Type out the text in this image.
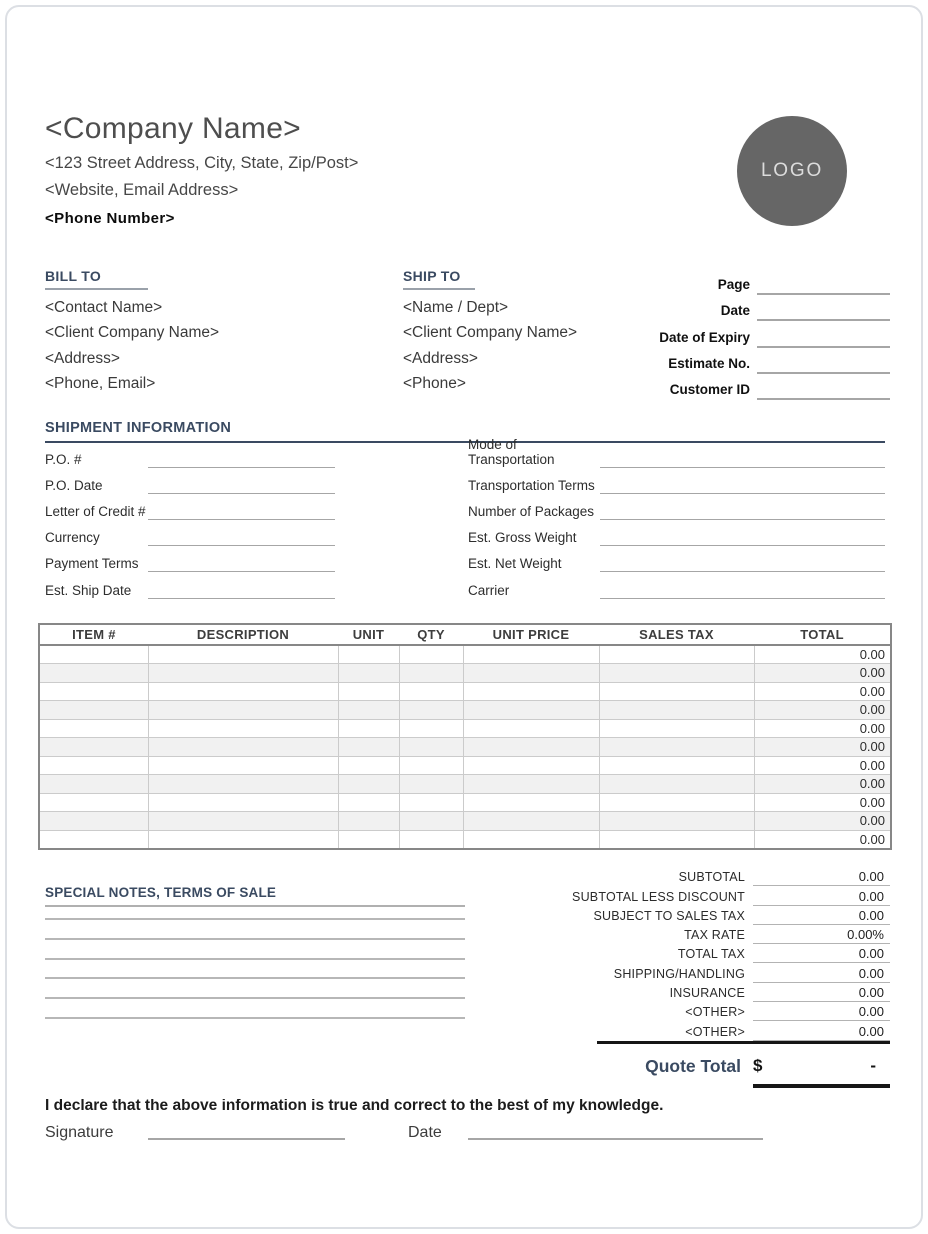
<Company Name>
<123 Street Address, City, State, Zip/Post>
<Website, Email Address>
<Phone Number>
LOGO
BILL TO
<Contact Name>
<Client Company Name>
<Address>
<Phone, Email>
SHIP TO
<Name / Dept>
<Client Company Name>
<Address>
<Phone>
Page
Date
Date of Expiry
Estimate No.
Customer ID
SHIPMENT INFORMATION
P.O. #
P.O. Date
Letter of Credit #
Currency
Payment Terms
Est. Ship Date
Mode of Transportation
Transportation Terms
Number of Packages
Est. Gross Weight
Est. Net Weight
Carrier
ITEM #	DESCRIPTION	UNIT	QTY	UNIT PRICE	SALES TAX	TOTAL
						0.00
						0.00
						0.00
						0.00
						0.00
						0.00
						0.00
						0.00
						0.00
						0.00
						0.00
SPECIAL NOTES, TERMS OF SALE
SUBTOTAL	0.00
SUBTOTAL LESS DISCOUNT	0.00
SUBJECT TO SALES TAX	0.00
TAX RATE	0.00%
TOTAL TAX	0.00
SHIPPING/HANDLING	0.00
INSURANCE	0.00
<OTHER>	0.00
<OTHER>	0.00
Quote Total $	-
I declare that the above information is true and correct to the best of my knowledge.
Signature	Date
